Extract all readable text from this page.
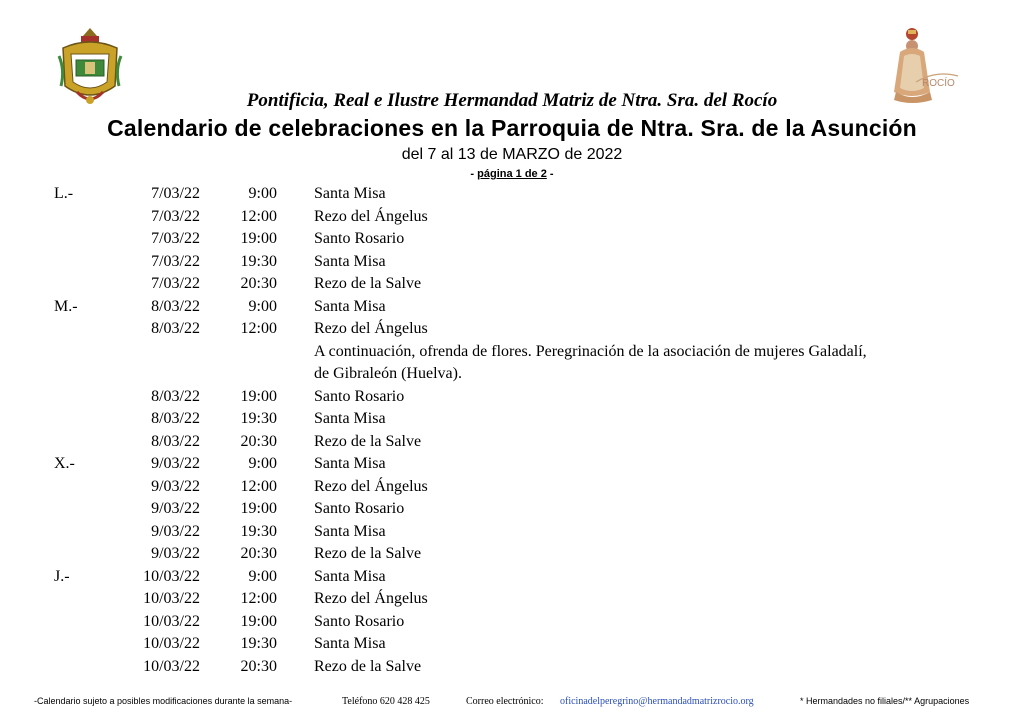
ROCÍO
Pontificia, Real e Ilustre Hermandad Matriz de Ntra. Sra. del Rocío
Calendario de celebraciones en la Parroquia de Ntra. Sra. de la Asunción
del 7 al 13 de MARZO de 2022
- página 1 de 2 -
L.-	7/03/22	9:00 Santa Misa
7/03/22	12:00 Rezo del Ángelus
7/03/22	19:00 Santo Rosario
7/03/22	19:30 Santa Misa
7/03/22	20:30 Rezo de la Salve
M.-	8/03/22	9:00 Santa Misa
8/03/22	12:00 Rezo del Ángelus
A continuación, ofrenda de flores. Peregrinación de la asociación de mujeres Galadalí,
de Gibraleón (Huelva).
8/03/22	19:00 Santo Rosario
8/03/22	19:30 Santa Misa
8/03/22	20:30 Rezo de la Salve
X.-	9/03/22	9:00 Santa Misa
9/03/22	12:00 Rezo del Ángelus
9/03/22	19:00 Santo Rosario
9/03/22	19:30 Santa Misa
9/03/22	20:30 Rezo de la Salve
J.-	10/03/22	9:00 Santa Misa
10/03/22	12:00 Rezo del Ángelus
10/03/22	19:00 Santo Rosario
10/03/22	19:30 Santa Misa
10/03/22	20:30 Rezo de la Salve
-Calendario sujeto a posibles modificaciones durante la semana-	Teléfono 620 428 425	Correo electrónico: oficinadelperegrino@hermandadmatrizrocio.org	* Hermandades no filiales/** Agrupaciones
